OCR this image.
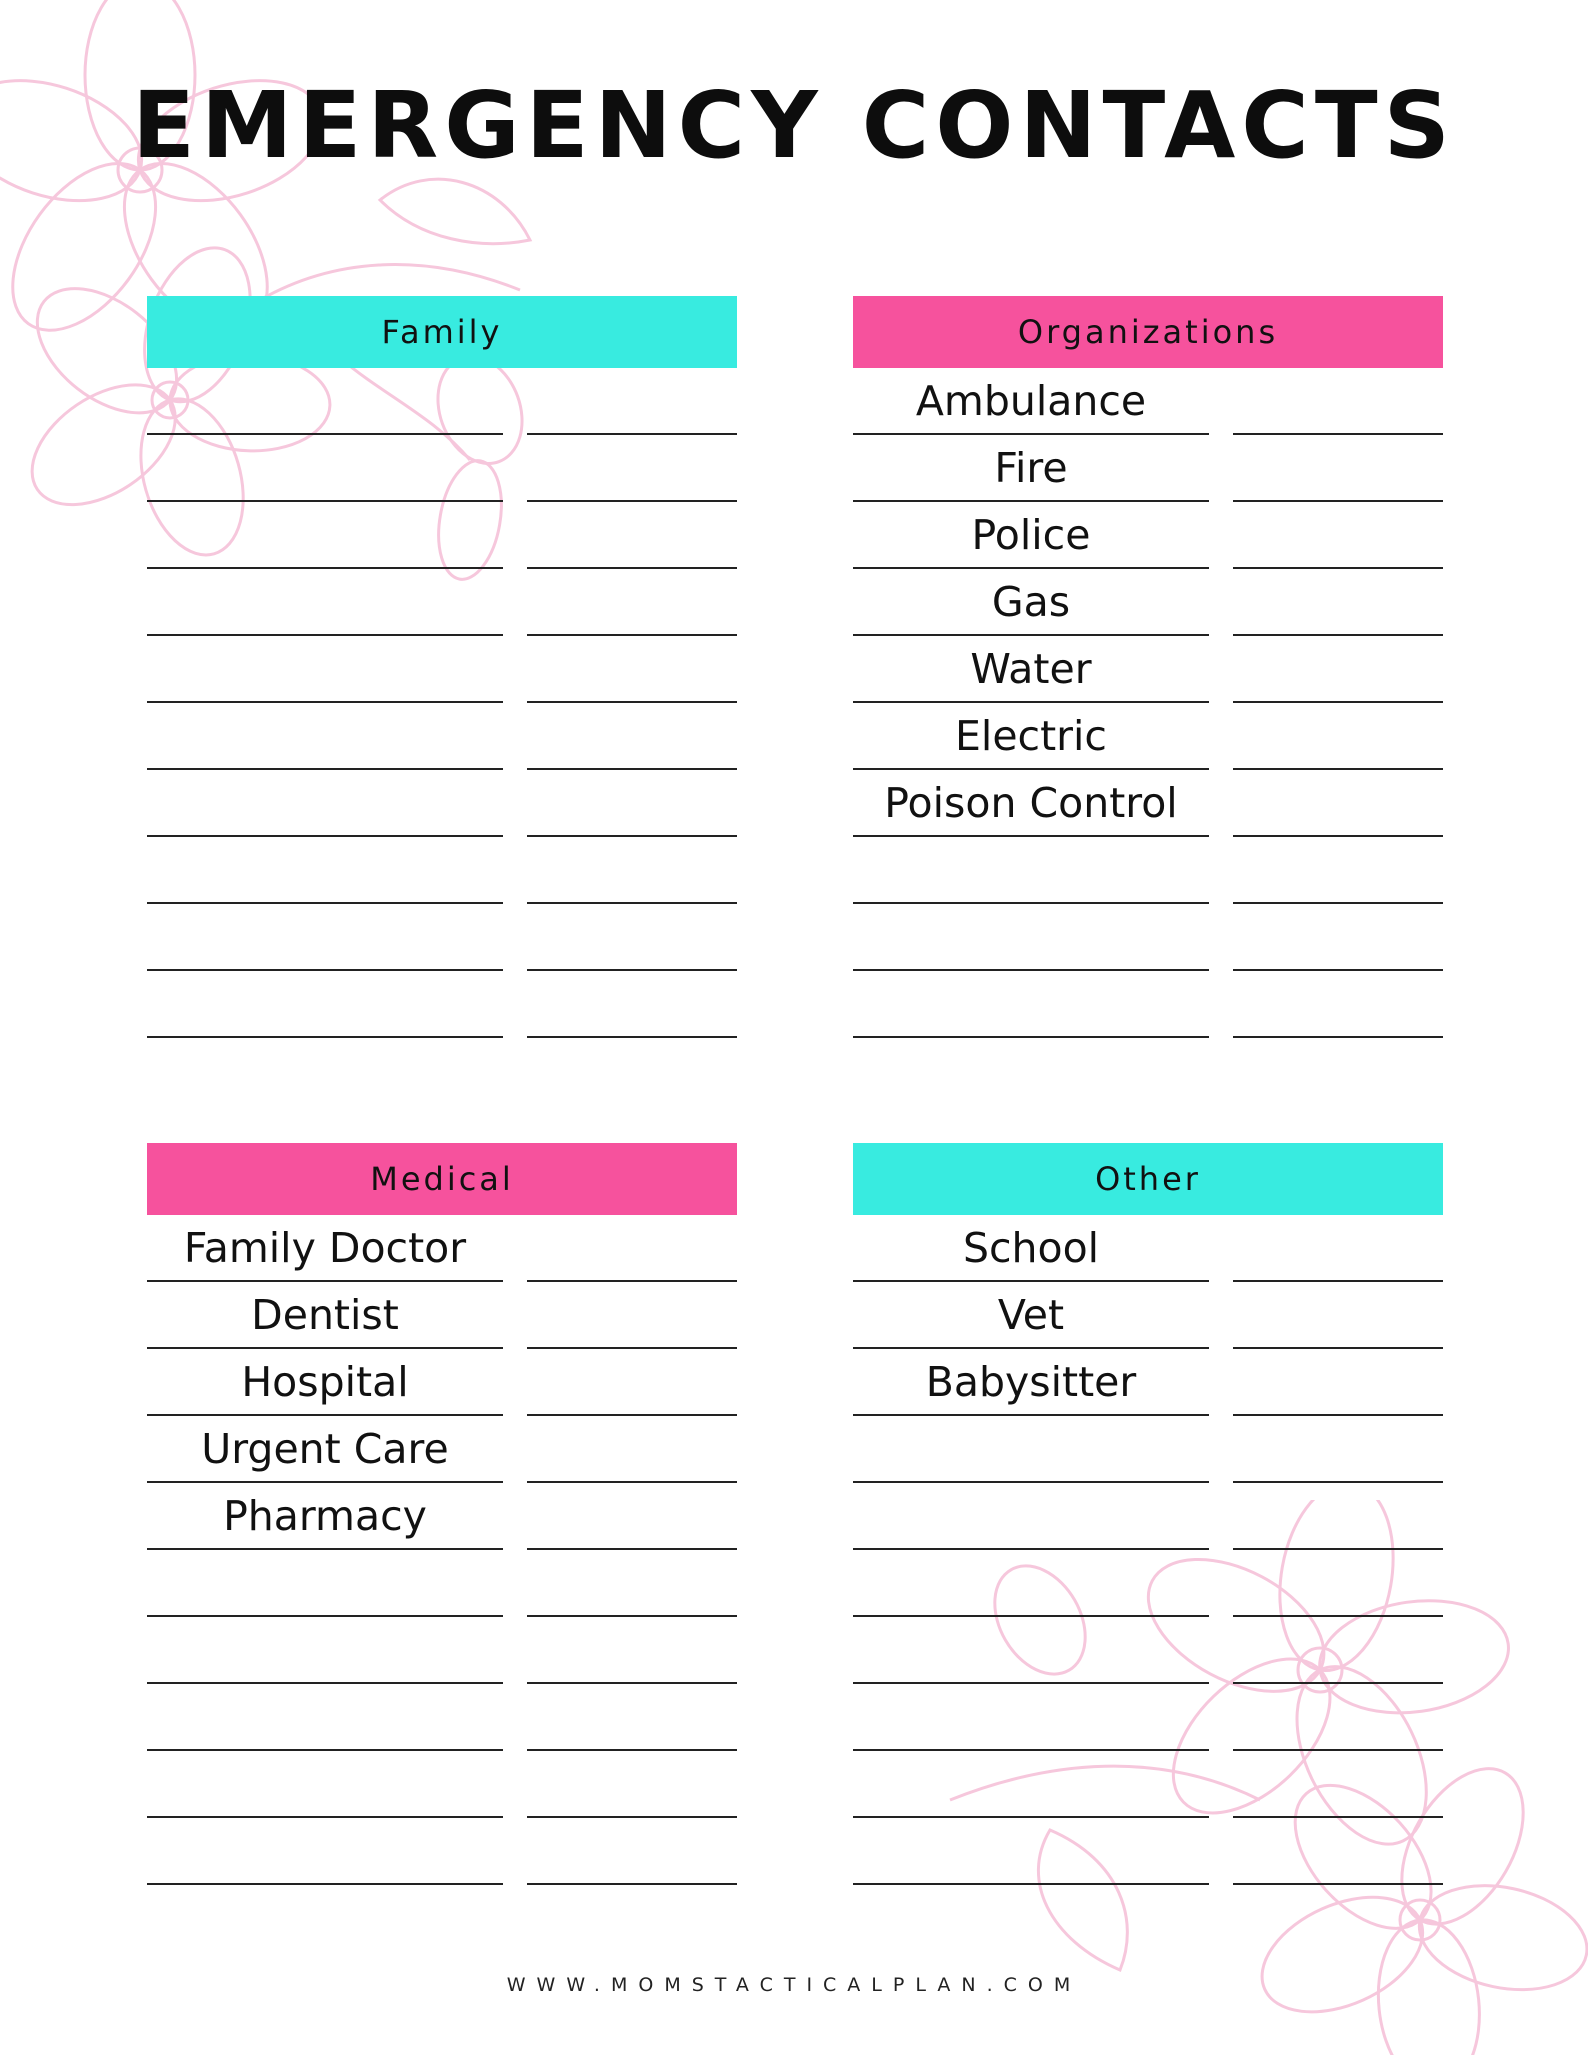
EMERGENCY CONTACTS
Family	Organizations
Ambulance
Fire
Police
Gas
Water
Electric
Poison Control
Medical
Family Doctor
Dentist
Hospital
Urgent Care
Pharmacy
Other
School
Vet
Babysitter
WWW.MOMSTACTICALPLAN.COM
